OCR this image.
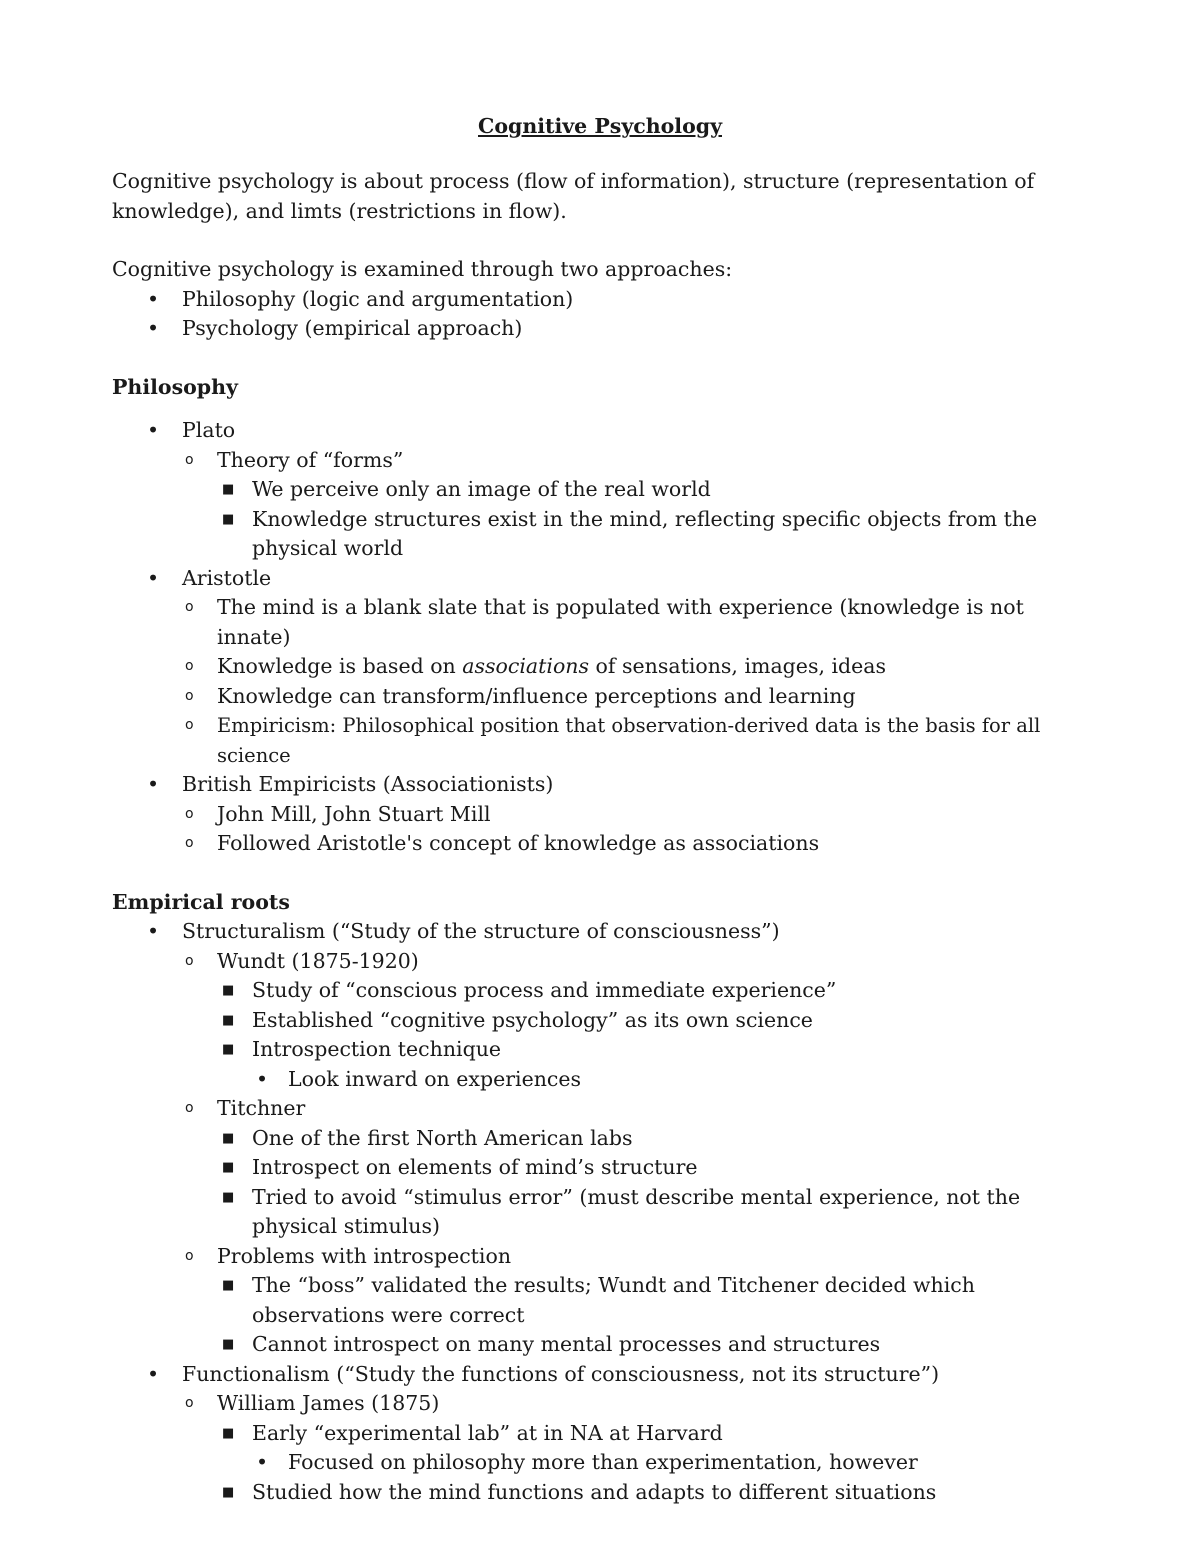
Cognitive Psychology

Cognitive psychology is about process (flow of information), structure (representation of knowledge), and limts (restrictions in flow).

Cognitive psychology is examined through two approaches:

•	Philosophy (logic and argumentation)
•	Psychology (empirical approach)

Philosophy

•	Plato
o	Theory of “forms”
■ We perceive only an image of the real world
■ Knowledge structures exist in the mind, reflecting specific objects from the physical world
•	Aristotle
o	The mind is a blank slate that is populated with experience (knowledge is not innate)
o	Knowledge is based on associations of sensations, images, ideas
o	Knowledge can transform/influence perceptions and learning
o	Empiricism: Philosophical position that observation-derived data is the basis for all science
•	British Empiricists (Associationists)
o	John Mill, John Stuart Mill
o	Followed Aristotle's concept of knowledge as associations

Empirical roots

•	Structuralism (“Study of the structure of consciousness”)
o	Wundt (1875-1920)
■ Study of “conscious process and immediate experience”
■ Established “cognitive psychology” as its own science
■ Introspection technique
• Look inward on experiences
o	Titchner
■ One of the first North American labs
■ Introspect on elements of mind’s structure
■ Tried to avoid “stimulus error” (must describe mental experience, not the physical stimulus)
o	Problems with introspection
■ The “boss” validated the results; Wundt and Titchener decided which observations were correct
■ Cannot introspect on many mental processes and structures
•	Functionalism (“Study the functions of consciousness, not its structure”)
o	William James (1875)
■ Early “experimental lab” at in NA at Harvard
• Focused on philosophy more than experimentation, however
■ Studied how the mind functions and adapts to different situations
